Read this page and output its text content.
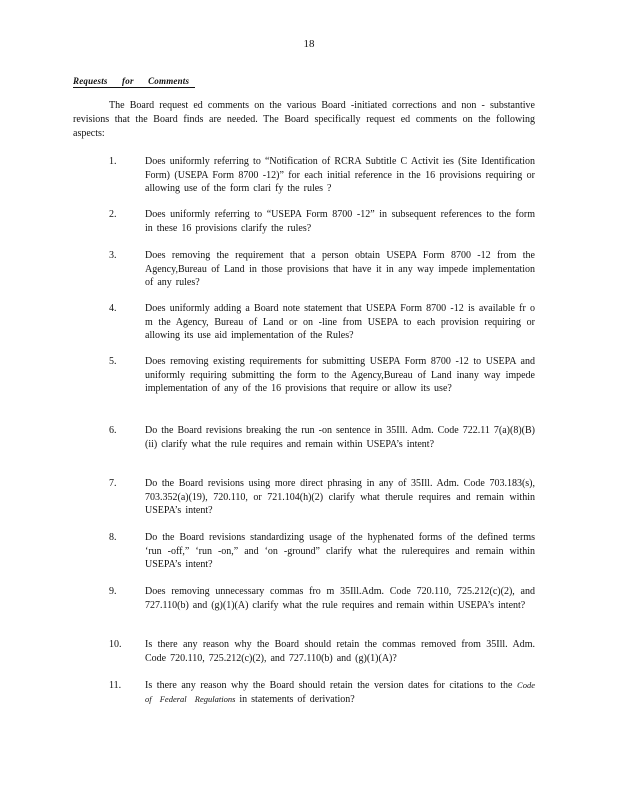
18
Requests for Comments

The Board request ed comments on the various Board -initiated corrections and non - substantive revisions that the Board finds are needed. The Board specifically request ed comments on the following aspects:

1.	Does uniformly referring to “Notification of RCRA Subtitle C Activit ies (Site Identification Form) (USEPA Form 8700 -12)” for each initial reference in the 16 provisions requiring or allowing use of the form clari fy the rules ?
2.	Does uniformly referring to “USEPA Form 8700 -12” in subsequent references to the form in these 16 provisions clarify the rules?
3.	Does removing the requirement that a person obtain USEPA Form 8700 -12 from the Agency,Bureau of Land in those provisions that have it in any way impede implementation of any rules?
4.	Does uniformly adding a Board note statement that USEPA Form 8700 -12 is available fr o m the Agency, Bureau of Land or on -line from USEPA to each provision requiring or allowing its use aid implementation of the Rules?
5.	Does removing existing requirements for submitting USEPA Form 8700 -12 to USEPA and uniformly requiring submitting the form to the Agency,Bureau of Land inany way impede implementation of any of the 16 provisions that require or allow its use?
6.	Do the Board revisions breaking the run -on sentence in 35Ill. Adm. Code 722.11 7(a)(8)(B)(ii) clarify what the rule requires and remain within USEPA’s intent?
7.	Do the Board revisions using more direct phrasing in any of 35Ill. Adm. Code 703.183(s), 703.352(a)(19), 720.110, or 721.104(h)(2) clarify what therule requires and remain within USEPA’s intent?
8.	Do the Board revisions standardizing usage of the hyphenated forms of the defined terms ‘run -off,” ‘run -on,” and ‘on -ground” clarify what the rulerequires and remain within USEPA’s intent?
9.	Does removing unnecessary commas fro m 35Ill.Adm. Code 720.110, 725.212(c)(2), and 727.110(b) and (g)(1)(A) clarify what the rule requires and remain within USEPA’s intent?
10.	Is there any reason why the Board should retain the commas removed from 35Ill. Adm. Code 720.110, 725.212(c)(2), and 727.110(b) and (g)(1)(A)?
11.	Is there any reason why the Board should retain the version dates for citations to the Code of Federal Regulations in statements of derivation?
